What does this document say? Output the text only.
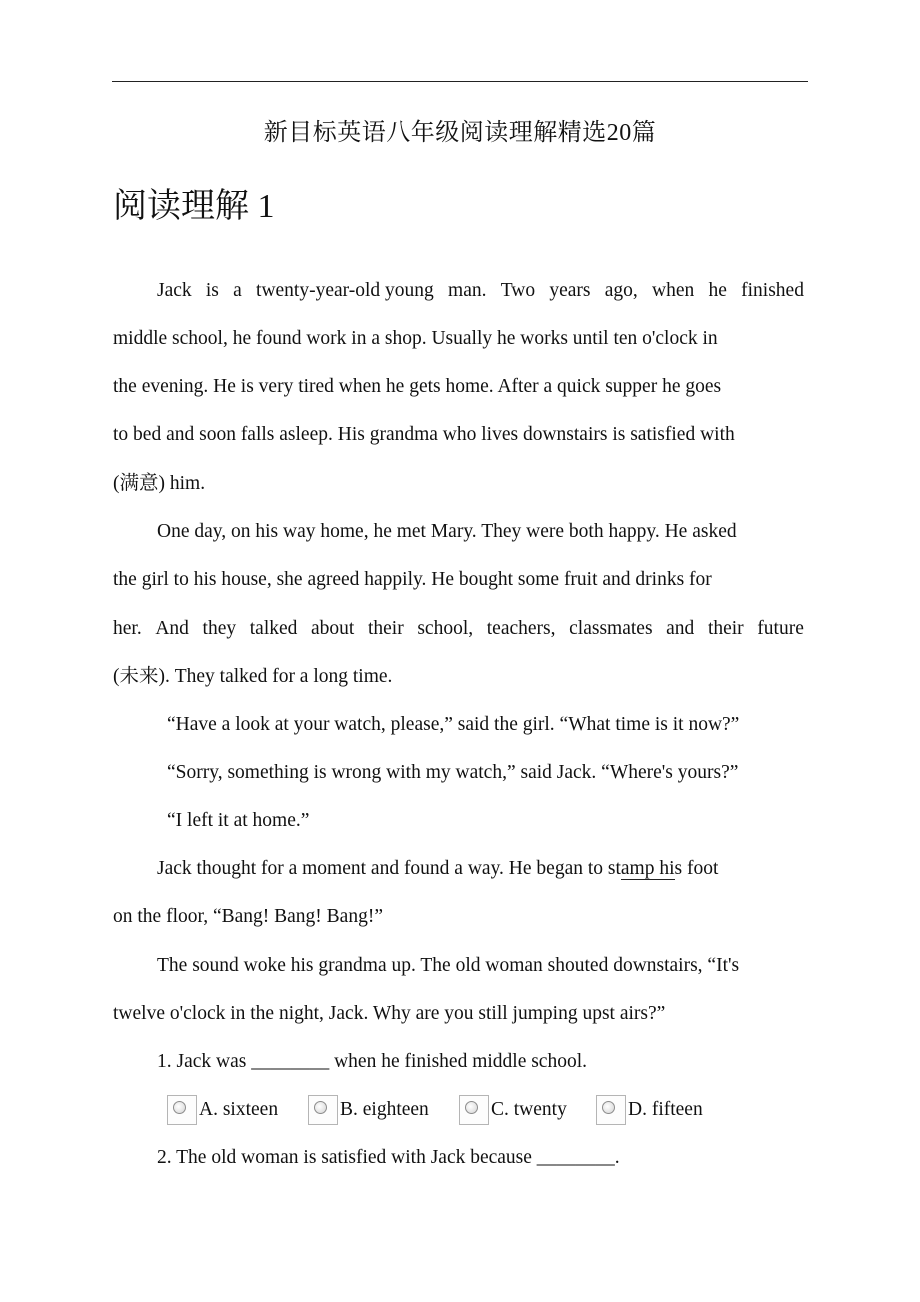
新目标英语八年级阅读理解精选20篇
阅读理解 1
Jack is a twenty-year-old young man. Two years ago, when he finished
middle school, he found work in a shop. Usually he works until ten o'clock in
the evening. He is very tired when he gets home. After a quick supper he goes
to bed and soon falls asleep. His grandma who lives downstairs is satisfied with
(满意) him.
One day, on his way home, he met Mary. They were both happy. He asked
the girl to his house, she agreed happily. He bought some fruit and drinks for
her. And they talked about their school, teachers, classmates and their future
(未来). They talked for a long time.
“Have a look at your watch, please,” said the girl. “What time is it now?”
“Sorry, something is wrong with my watch,” said Jack. “Where's yours?”
“I left it at home.”
Jack thought for a moment and found a way. He began to stamp his foot
on the floor, “Bang! Bang! Bang!”
The sound woke his grandma up. The old woman shouted downstairs, “It's
twelve o'clock in the night, Jack. Why are you still jumping upst airs?”
1. Jack was ________ when he finished middle school.
A. sixteen	B. eighteen	C. twenty	D. fifteen
2. The old woman is satisfied with Jack because ________.
